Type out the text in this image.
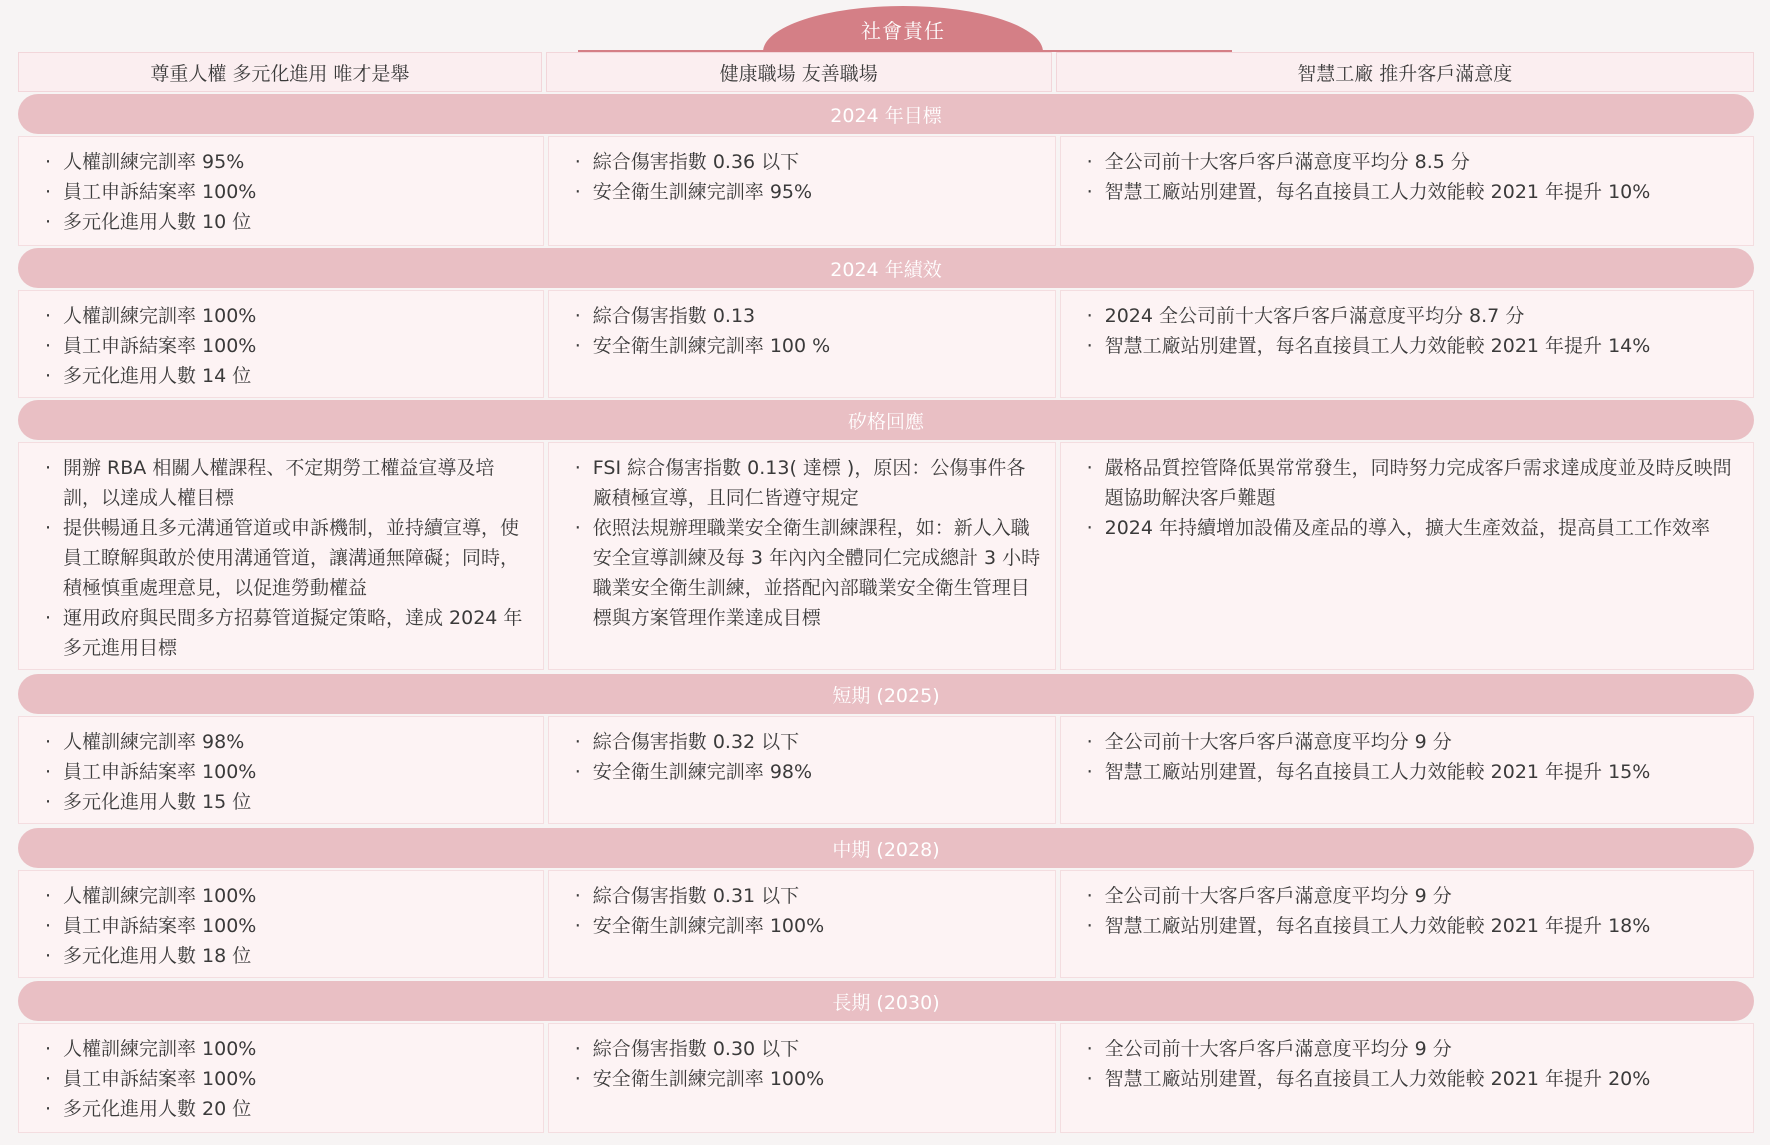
社會責任
尊重人權 多元化進用 唯才是舉	健康職場 友善職場	智慧工廠 推升客戶滿意度
2024 年目標
· 人權訓練完訓率 95%
· 員工申訴結案率 100%
· 多元化進用人數 10 位
· 綜合傷害指數 0.36 以下
· 安全衛生訓練完訓率 95%
· 全公司前十大客戶客戶滿意度平均分 8.5 分
· 智慧工廠站別建置，每名直接員工人力效能較 2021 年提升 10%
2024 年績效
· 人權訓練完訓率 100%
· 員工申訴結案率 100%
· 多元化進用人數 14 位
· 綜合傷害指數 0.13
· 安全衛生訓練完訓率 100 %
· 2024 全公司前十大客戶客戶滿意度平均分 8.7 分
· 智慧工廠站別建置，每名直接員工人力效能較 2021 年提升 14%
矽格回應
· 開辦 RBA 相關人權課程、不定期勞工權益宣導及培訓，以達成人權目標
· 提供暢通且多元溝通管道或申訴機制，並持續宣導，使員工瞭解與敢於使用溝通管道，讓溝通無障礙；同時，積極慎重處理意見，以促進勞動權益
· 運用政府與民間多方招募管道擬定策略，達成 2024 年多元進用目標
· FSI 綜合傷害指數 0.13( 達標 )，原因：公傷事件各廠積極宣導，且同仁皆遵守規定
· 依照法規辦理職業安全衛生訓練課程，如：新人入職安全宣導訓練及每 3 年內內全體同仁完成總計 3 小時職業安全衛生訓練，並搭配內部職業安全衛生管理目標與方案管理作業達成目標
· 嚴格品質控管降低異常常發生，同時努力完成客戶需求達成度並及時反映問題協助解決客戶難題
· 2024 年持續增加設備及產品的導入，擴大生產效益，提高員工工作效率
短期 (2025)
· 人權訓練完訓率 98%
· 員工申訴結案率 100%
· 多元化進用人數 15 位
· 綜合傷害指數 0.32 以下
· 安全衛生訓練完訓率 98%
· 全公司前十大客戶客戶滿意度平均分 9 分
· 智慧工廠站別建置，每名直接員工人力效能較 2021 年提升 15%
中期 (2028)
· 人權訓練完訓率 100%
· 員工申訴結案率 100%
· 多元化進用人數 18 位
· 綜合傷害指數 0.31 以下
· 安全衛生訓練完訓率 100%
· 全公司前十大客戶客戶滿意度平均分 9 分
· 智慧工廠站別建置，每名直接員工人力效能較 2021 年提升 18%
長期 (2030)
· 人權訓練完訓率 100%
· 員工申訴結案率 100%
· 多元化進用人數 20 位
· 綜合傷害指數 0.30 以下
· 安全衛生訓練完訓率 100%
· 全公司前十大客戶客戶滿意度平均分 9 分
· 智慧工廠站別建置，每名直接員工人力效能較 2021 年提升 20%
